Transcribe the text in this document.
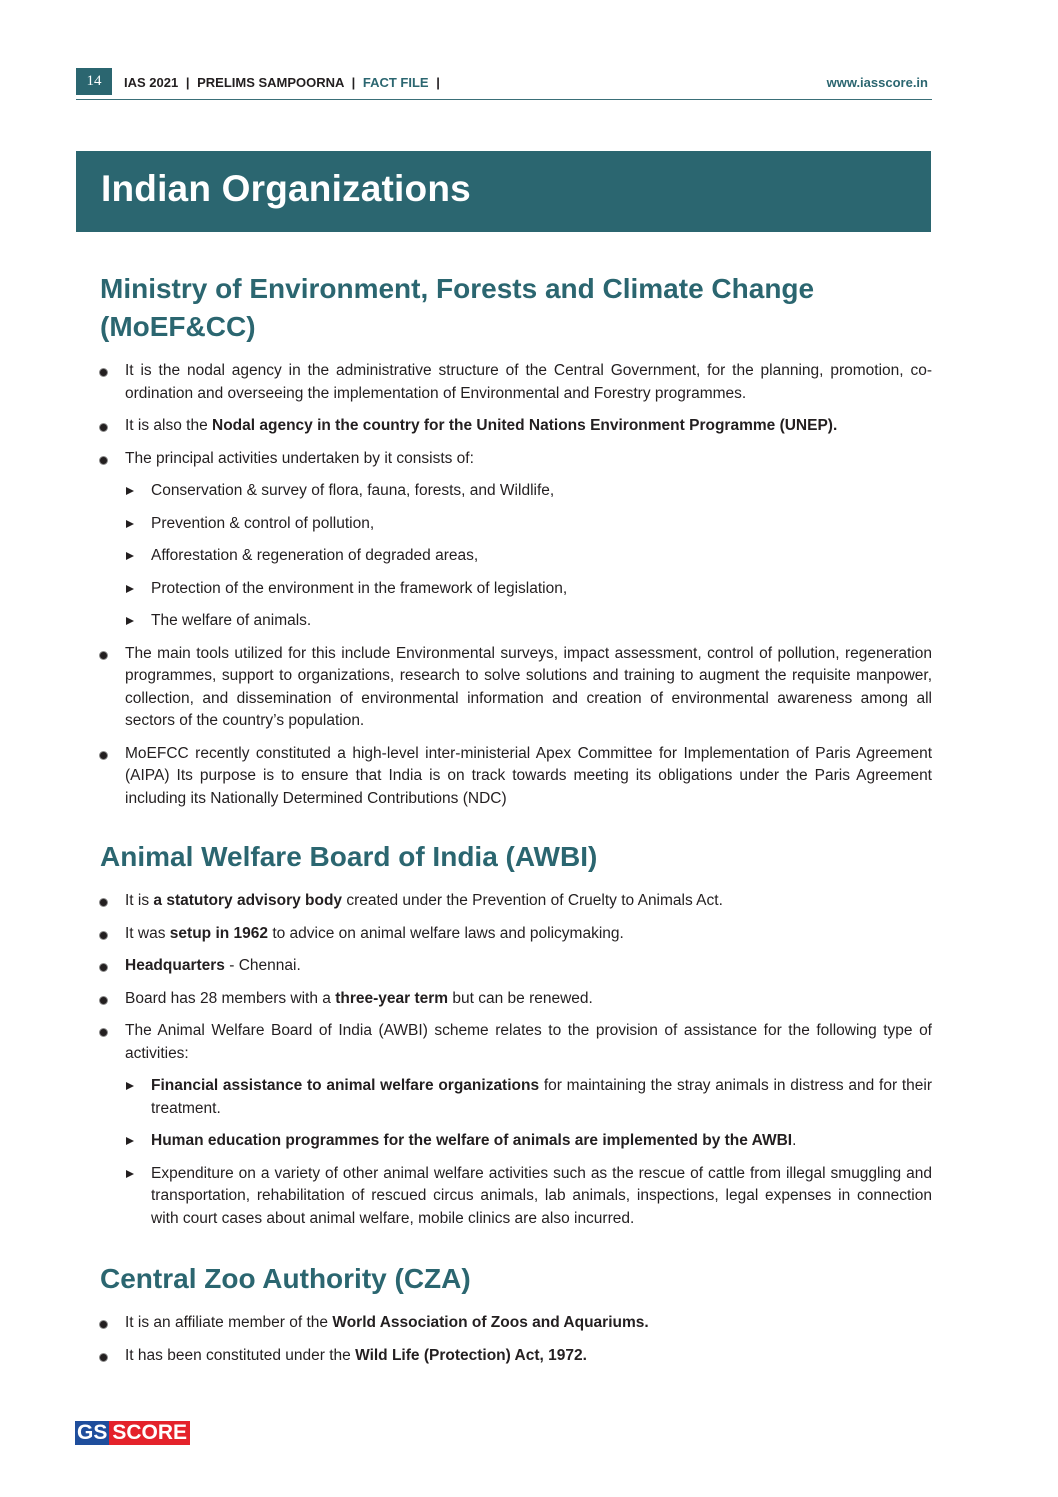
14	IAS 2021 | PRELIMS SAMPOORNA | FACT FILE |	www.iasscore.in
Indian Organizations
Ministry of Environment, Forests and Climate Change
(MoEF&CC)
It is the nodal agency in the administrative structure of the Central Government, for the planning, promotion, co-ordination and overseeing the implementation of Environmental and Forestry programmes.
It is also the Nodal agency in the country for the United Nations Environment Programme (UNEP).
The principal activities undertaken by it consists of:
Conservation & survey of flora, fauna, forests, and Wildlife,
Prevention & control of pollution,
Afforestation & regeneration of degraded areas,
Protection of the environment in the framework of legislation,
The welfare of animals.
The main tools utilized for this include Environmental surveys, impact assessment, control of pollution, regeneration programmes, support to organizations, research to solve solutions and training to augment the requisite manpower, collection, and dissemination of environmental information and creation of environmental awareness among all sectors of the country’s population.
MoEFCC recently constituted a high-level inter-ministerial Apex Committee for Implementation of Paris Agreement (AIPA) Its purpose is to ensure that India is on track towards meeting its obligations under the Paris Agreement including its Nationally Determined Contributions (NDC)
Animal Welfare Board of India (AWBI)
It is a statutory advisory body created under the Prevention of Cruelty to Animals Act.
It was setup in 1962 to advice on animal welfare laws and policymaking.
Headquarters - Chennai.
Board has 28 members with a three-year term but can be renewed.
The Animal Welfare Board of India (AWBI) scheme relates to the provision of assistance for the following type of activities:
Financial assistance to animal welfare organizations for maintaining the stray animals in distress and for their treatment.
Human education programmes for the welfare of animals are implemented by the AWBI.
Expenditure on a variety of other animal welfare activities such as the rescue of cattle from illegal smuggling and transportation, rehabilitation of rescued circus animals, lab animals, inspections, legal expenses in connection with court cases about animal welfare, mobile clinics are also incurred.
Central Zoo Authority (CZA)
It is an affiliate member of the World Association of Zoos and Aquariums.
It has been constituted under the Wild Life (Protection) Act, 1972.
GS SCORE
